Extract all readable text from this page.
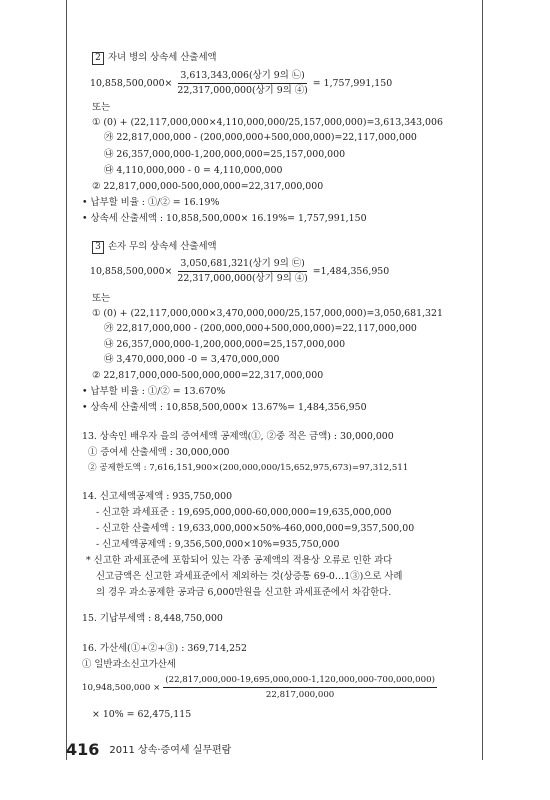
2 자녀 병의 상속세 산출세액
$10,858,500,000\times \frac{\text{3,613,343,006(상기 9의 ㉡)}}{\text{22,317,000,000(상기 9의 ④)}} = 1,757,991,150$
또는
① (0) + (22,117,000,000×4,110,000,000/25,157,000,000)=3,613,343,006
㉮ 22,817,000,000 - (200,000,000+500,000,000)=22,117,000,000
㉯ 26,357,000,000-1,200,000,000=25,157,000,000
㉰ 4,110,000,000 - 0 = 4,110,000,000
② 22,817,000,000-500,000,000=22,317,000,000
• 납부할 비율 : ①/② = 16.19%
• 상속세 산출세액 : 10,858,500,000× 16.19%= 1,757,991,150
3 손자 무의 상속세 산출세액
$10,858,500,000\times \frac{\text{3,050,681,321(상기 9의 ㉢)}}{\text{22,317,000,000(상기 9의 ④)}} =1,484,356,950$
또는
① (0) + (22,117,000,000×3,470,000,000/25,157,000,000)=3,050,681,321
㉮ 22,817,000,000 - (200,000,000+500,000,000)=22,117,000,000
㉯ 26,357,000,000-1,200,000,000=25,157,000,000
㉰ 3,470,000,000 -0 = 3,470,000,000
② 22,817,000,000-500,000,000=22,317,000,000
• 납부할 비율 : ①/② = 13.670%
• 상속세 산출세액 : 10,858,500,000× 13.67%= 1,484,356,950
13. 상속인 배우자 을의 증여세액 공제액(①, ②중 적은 금액) : 30,000,000
① 증여세 산출세액 : 30,000,000
② 공제한도액 : 7,616,151,900×(200,000,000/15,652,975,673)=97,312,511
14. 신고세액공제액 : 935,750,000
- 신고한 과세표준 : 19,695,000,000-60,000,000=19,635,000,000
- 신고한 산출세액 : 19,633,000,000×50%-460,000,000=9,357,500,00
- 신고세액공제액 : 9,356,500,000×10%=935,750,000
* 신고한 과세표준에 포함되어 있는 각종 공제액의 적용상 오류로 인한 과다
신고금액은 신고한 과세표준에서 제외하는 것(상증통 69-0…1③)으로 사례
의 경우 과소공제한 공과금 6,000만원을 신고한 과세표준에서 차감한다.
15. 기납부세액 : 8,448,750,000
16. 가산세(①+②+③) : 369,714,252
① 일반과소신고가산세
$10,948,500,000 \times \frac{(22,817,000,000-19,695,000,000-1,120,000,000-700,000,000)}{22,817,000,000}$
× 10% = 62,475,115
416 2011 상속·증여세 실무편람
